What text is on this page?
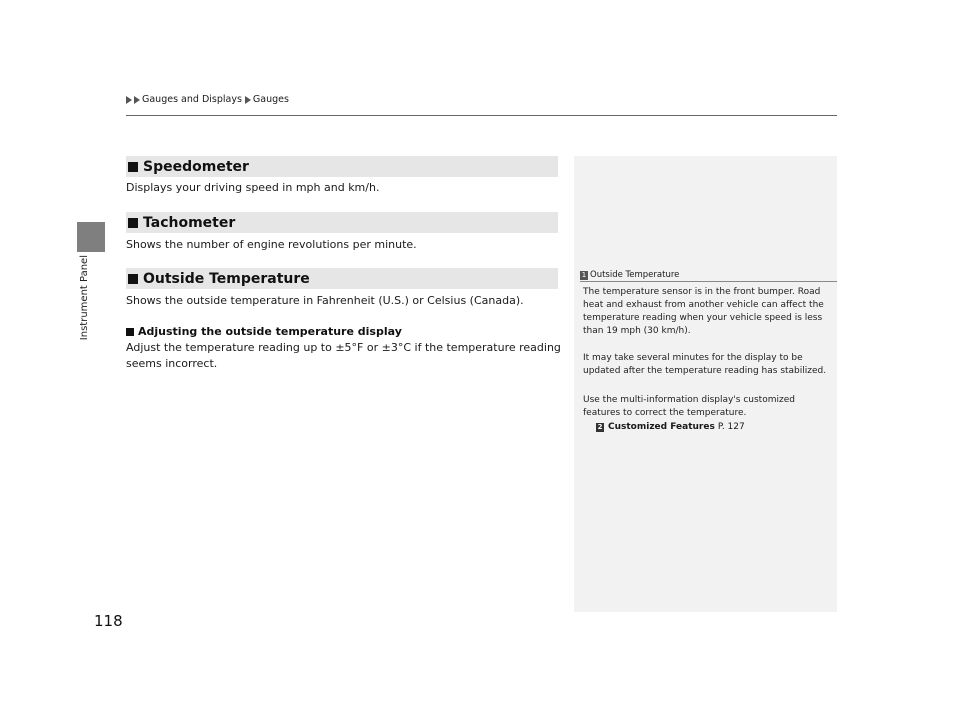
Gauges and Displays Gauges
Instrument Panel
Speedometer
Displays your driving speed in mph and km/h.
Tachometer
Shows the number of engine revolutions per minute.
Outside Temperature
Shows the outside temperature in Fahrenheit (U.S.) or Celsius (Canada).
Adjusting the outside temperature display
Adjust the temperature reading up to ±5°F or ±3°C if the temperature reading
seems incorrect.
1 Outside Temperature
The temperature sensor is in the front bumper. Road heat and exhaust from another vehicle can affect the temperature reading when your vehicle speed is less than 19 mph (30 km/h).
It may take several minutes for the display to be updated after the temperature reading has stabilized.
Use the multi-information display's customized features to correct the temperature.
2 Customized Features P. 127
118
